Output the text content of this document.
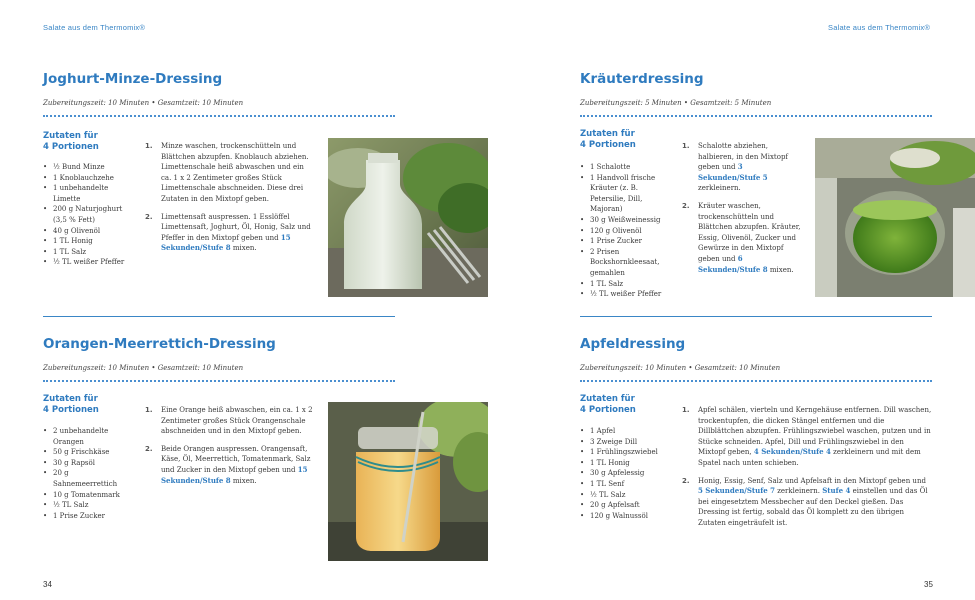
Salate aus dem Thermomix®	Salate aus dem Thermomix®
Joghurt-Minze-Dressing
Zubereitungszeit: 10 Minuten • Gesamtzeit: 10 Minuten
Zutaten für
4 Portionen
• ½ Bund Minze
• 1 Knoblauchzehe
• 1 unbehandelte Limette
• 200 g Naturjoghurt (3,5 % Fett)
• 40 g Olivenöl
• 1 TL Honig
• 1 TL Salz
• ½ TL weißer Pfeffer
1. Minze waschen, trockenschütteln und Blättchen abzupfen. Knoblauch abziehen. Limettenschale heiß abwaschen und ein ca. 1 x 2 Zentimeter großes Stück Limettenschale abschneiden. Diese drei Zutaten in den Mixtopf geben.
2. Limettensaft auspressen. 1 Esslöffel Limettensaft, Joghurt, Öl, Honig, Salz und Pfeffer in den Mixtopf geben und 15 Sekunden/Stufe 8 mixen.
Kräuterdressing
Zubereitungszeit: 5 Minuten • Gesamtzeit: 5 Minuten
Zutaten für
4 Portionen
• 1 Schalotte
• 1 Handvoll frische Kräuter (z. B. Petersilie, Dill, Majoran)
• 30 g Weißweinessig
• 120 g Olivenöl
• 1 Prise Zucker
• 2 Prisen Bockshornkleesaat, gemahlen
• 1 TL Salz
• ½ TL weißer Pfeffer
1. Schalotte abziehen, halbieren, in den Mixtopf geben und 3 Sekunden/Stufe 5 zerkleinern.
2. Kräuter waschen, trockenschütteln und Blättchen abzupfen. Kräuter, Essig, Olivenöl, Zucker und Gewürze in den Mixtopf geben und 6 Sekunden/Stufe 8 mixen.
Orangen-Meerrettich-Dressing
Zubereitungszeit: 10 Minuten • Gesamtzeit: 10 Minuten
Zutaten für
4 Portionen
• 2 unbehandelte Orangen
• 50 g Frischkäse
• 30 g Rapsöl
• 20 g Sahnemeerrettich
• 10 g Tomatenmark
• ½ TL Salz
• 1 Prise Zucker
1. Eine Orange heiß abwaschen, ein ca. 1 x 2 Zentimeter großes Stück Orangenschale abschneiden und in den Mixtopf geben.
2. Beide Orangen auspressen. Orangensaft, Käse, Öl, Meerrettich, Tomatenmark, Salz und Zucker in den Mixtopf geben und 15 Sekunden/Stufe 8 mixen.
Apfeldressing
Zubereitungszeit: 10 Minuten • Gesamtzeit: 10 Minuten
Zutaten für
4 Portionen
• 1 Apfel
• 3 Zweige Dill
• 1 Frühlingszwiebel
• 1 TL Honig
• 30 g Apfelessig
• 1 TL Senf
• ½ TL Salz
• 20 g Apfelsaft
• 120 g Walnussöl
1. Apfel schälen, vierteln und Kerngehäuse entfernen. Dill waschen, trockentupfen, die dicken Stängel entfernen und die Dillblättchen abzupfen. Frühlingszwiebel waschen, putzen und in Stücke schneiden. Apfel, Dill und Frühlingszwiebel in den Mixtopf geben, 4 Sekunden/Stufe 4 zerkleinern und mit dem Spatel nach unten schieben.
2. Honig, Essig, Senf, Salz und Apfelsaft in den Mixtopf geben und 5 Sekunden/Stufe 7 zerkleinern. Stufe 4 einstellen und das Öl bei eingesetztem Messbecher auf den Deckel gießen. Das Dressing ist fertig, sobald das Öl komplett zu den übrigen Zutaten eingeträufelt ist.
34	35
